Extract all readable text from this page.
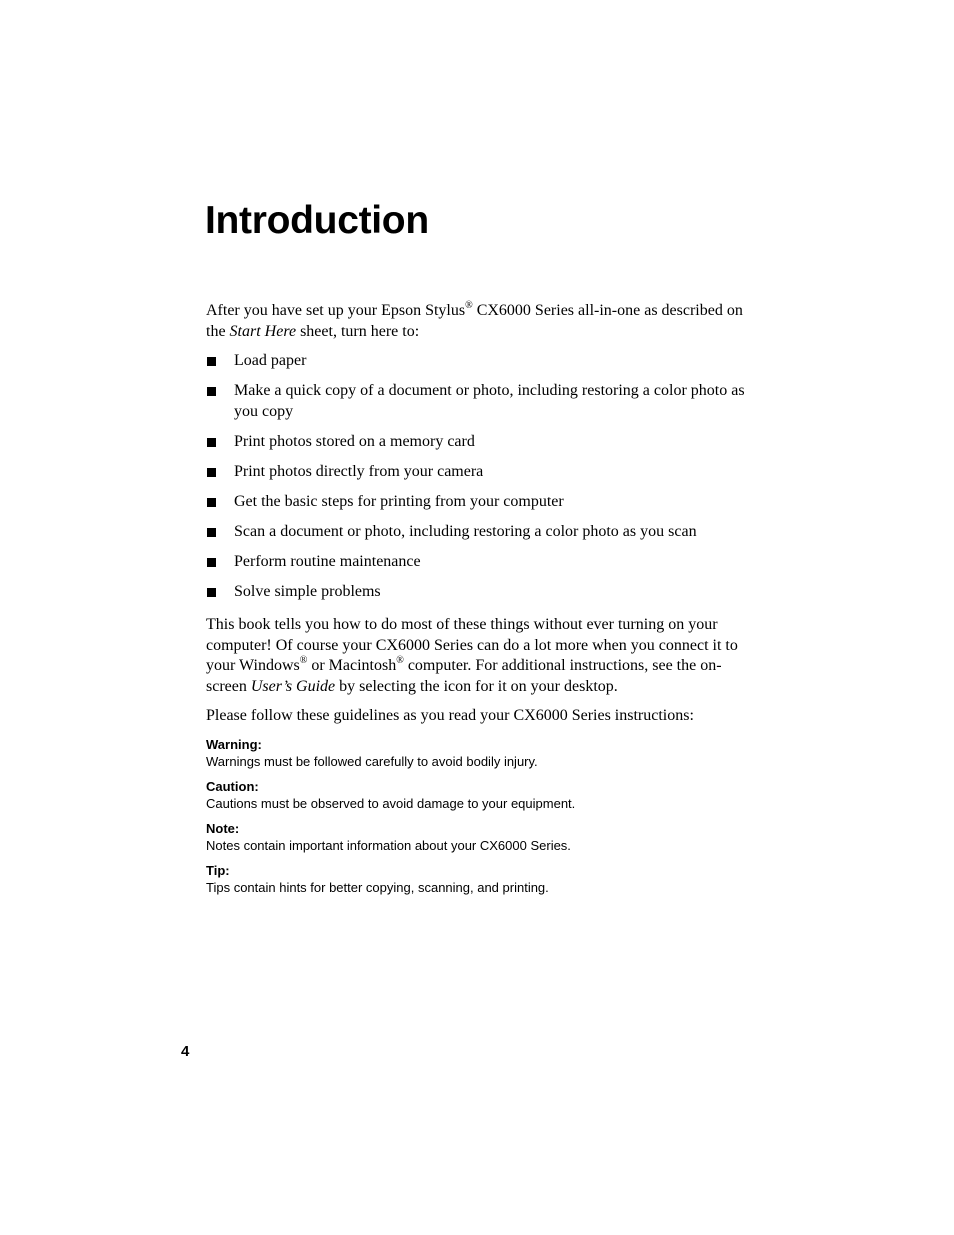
Introduction

After you have set up your Epson Stylus® CX6000 Series all-in-one as described on the Start Here sheet, turn here to:

Load paper
Make a quick copy of a document or photo, including restoring a color photo as you copy
Print photos stored on a memory card
Print photos directly from your camera
Get the basic steps for printing from your computer
Scan a document or photo, including restoring a color photo as you scan
Perform routine maintenance
Solve simple problems

This book tells you how to do most of these things without ever turning on your computer! Of course your CX6000 Series can do a lot more when you connect it to your Windows® or Macintosh® computer. For additional instructions, see the on-screen User’s Guide by selecting the icon for it on your desktop.

Please follow these guidelines as you read your CX6000 Series instructions:

Warning:
Warnings must be followed carefully to avoid bodily injury.
Caution:
Cautions must be observed to avoid damage to your equipment.
Note:
Notes contain important information about your CX6000 Series.
Tip:
Tips contain hints for better copying, scanning, and printing.
4
